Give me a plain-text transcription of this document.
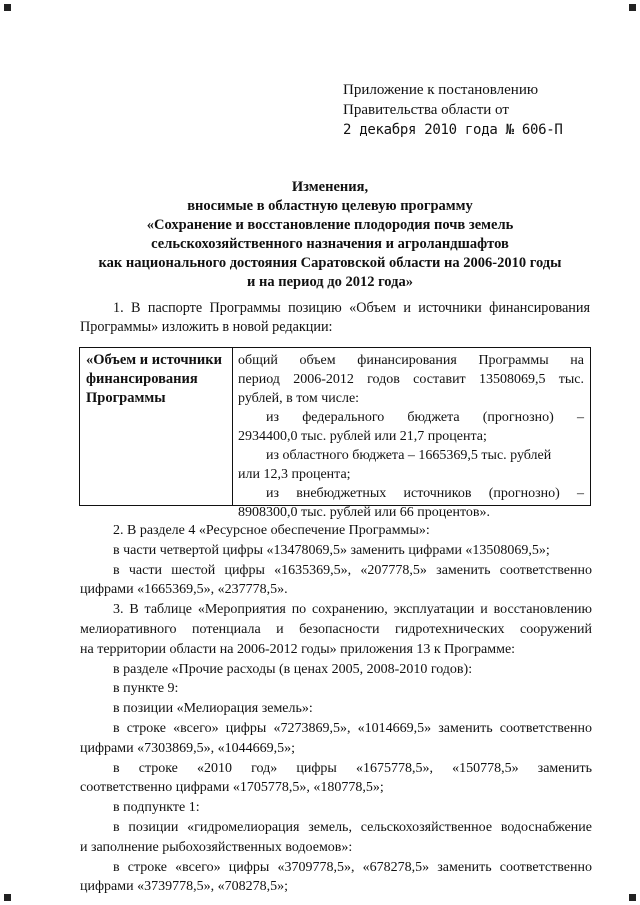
Приложение к постановлению
Правительства области от
2 декабря 2010 года № 606-П
Изменения,
вносимые в областную целевую программу
«Сохранение и восстановление плодородия почв земель
сельскохозяйственного назначения и агроландшафтов
как национального достояния Саратовской области на 2006-2010 годы
и на период до 2012 года»
1. В паспорте Программы позицию «Объем и источники финансирования
Программы» изложить в новой редакции:
«Объем и источники
финансирования
Программы
общий объем финансирования Программы на
период 2006-2012 годов составит 13508069,5 тыс.
рублей, в том числе:
из федерального бюджета (прогнозно) –
2934400,0 тыс. рублей или 21,7 процента;
из областного бюджета – 1665369,5 тыс. рублей
или 12,3 процента;
из внебюджетных источников (прогнозно) –
8908300,0 тыс. рублей или 66 процентов».
2. В разделе 4 «Ресурсное обеспечение Программы»:
в части четвертой цифры «13478069,5» заменить цифрами «13508069,5»;
в части шестой цифры «1635369,5», «207778,5» заменить соответственно
цифрами «1665369,5», «237778,5».
3. В таблице «Мероприятия по сохранению, эксплуатации и восстановлению
мелиоративного потенциала и безопасности гидротехнических сооружений
на территории области на 2006-2012 годы» приложения 13 к Программе:
в разделе «Прочие расходы (в ценах 2005, 2008-2010 годов):
в пункте 9:
в позиции «Мелиорация земель»:
в строке «всего» цифры «7273869,5», «1014669,5» заменить соответственно
цифрами «7303869,5», «1044669,5»;
в строке «2010 год» цифры «1675778,5», «150778,5» заменить
соответственно цифрами «1705778,5», «180778,5»;
в подпункте 1:
в позиции «гидромелиорация земель, сельскохозяйственное водоснабжение
и заполнение рыбохозяйственных водоемов»:
в строке «всего» цифры «3709778,5», «678278,5» заменить соответственно
цифрами «3739778,5», «708278,5»;
